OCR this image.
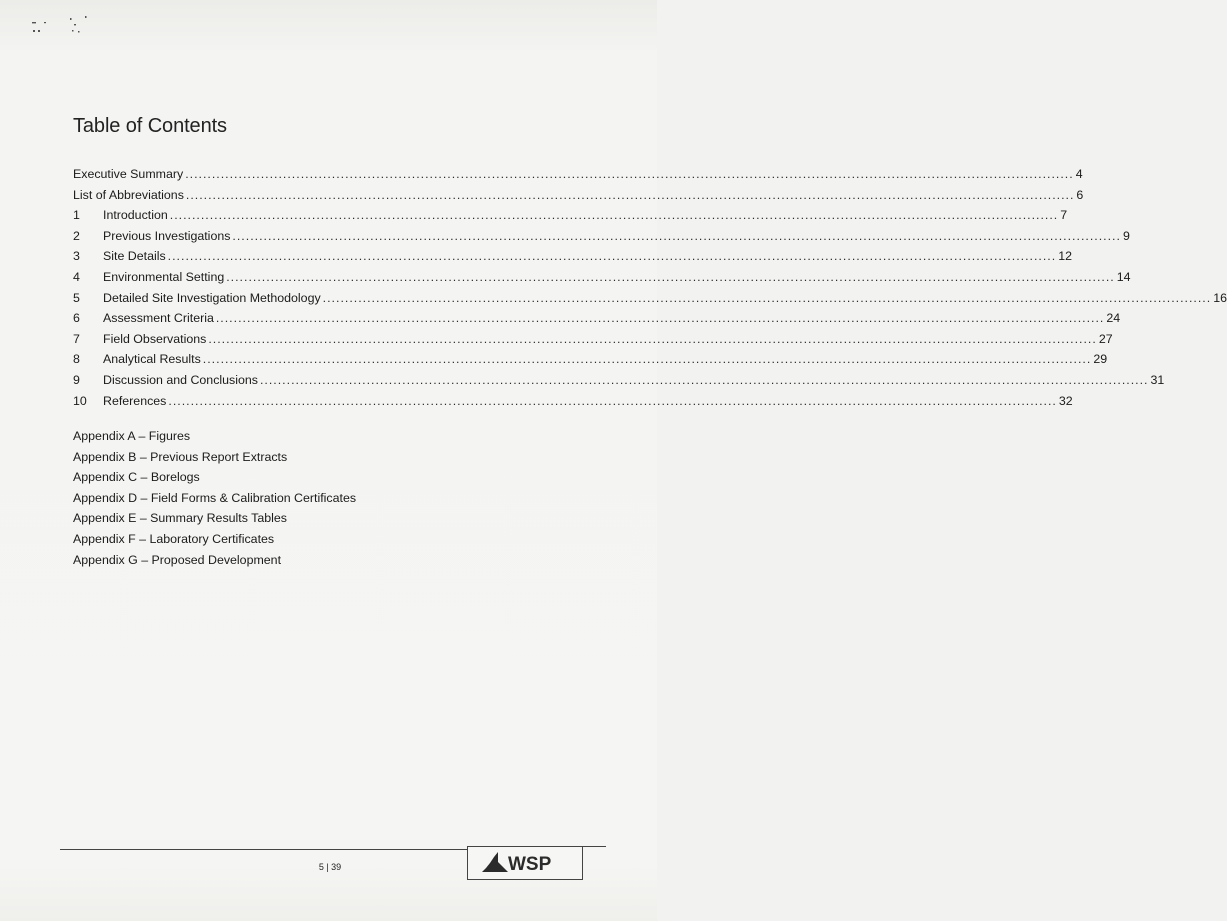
Table of Contents
Executive Summary ........................................................................................................................................................................................................ 4
List of Abbreviations ........................................................................................................................................................................................................ 6
1	Introduction ........................................................................................................................................................................................................ 7
2	Previous Investigations ........................................................................................................................................................................................................ 9
3	Site Details ........................................................................................................................................................................................................ 12
4	Environmental Setting ........................................................................................................................................................................................................ 14
5	Detailed Site Investigation Methodology ........................................................................................................................................................................................................ 16
6	Assessment Criteria ........................................................................................................................................................................................................ 24
7	Field Observations ........................................................................................................................................................................................................ 27
8	Analytical Results ........................................................................................................................................................................................................ 29
9	Discussion and Conclusions ........................................................................................................................................................................................................ 31
10	References ........................................................................................................................................................................................................ 32
Appendix A – Figures
Appendix B – Previous Report Extracts
Appendix C – Borelogs
Appendix D – Field Forms & Calibration Certificates
Appendix E – Summary Results Tables
Appendix F – Laboratory Certificates
Appendix G – Proposed Development
WSP
5 | 39
